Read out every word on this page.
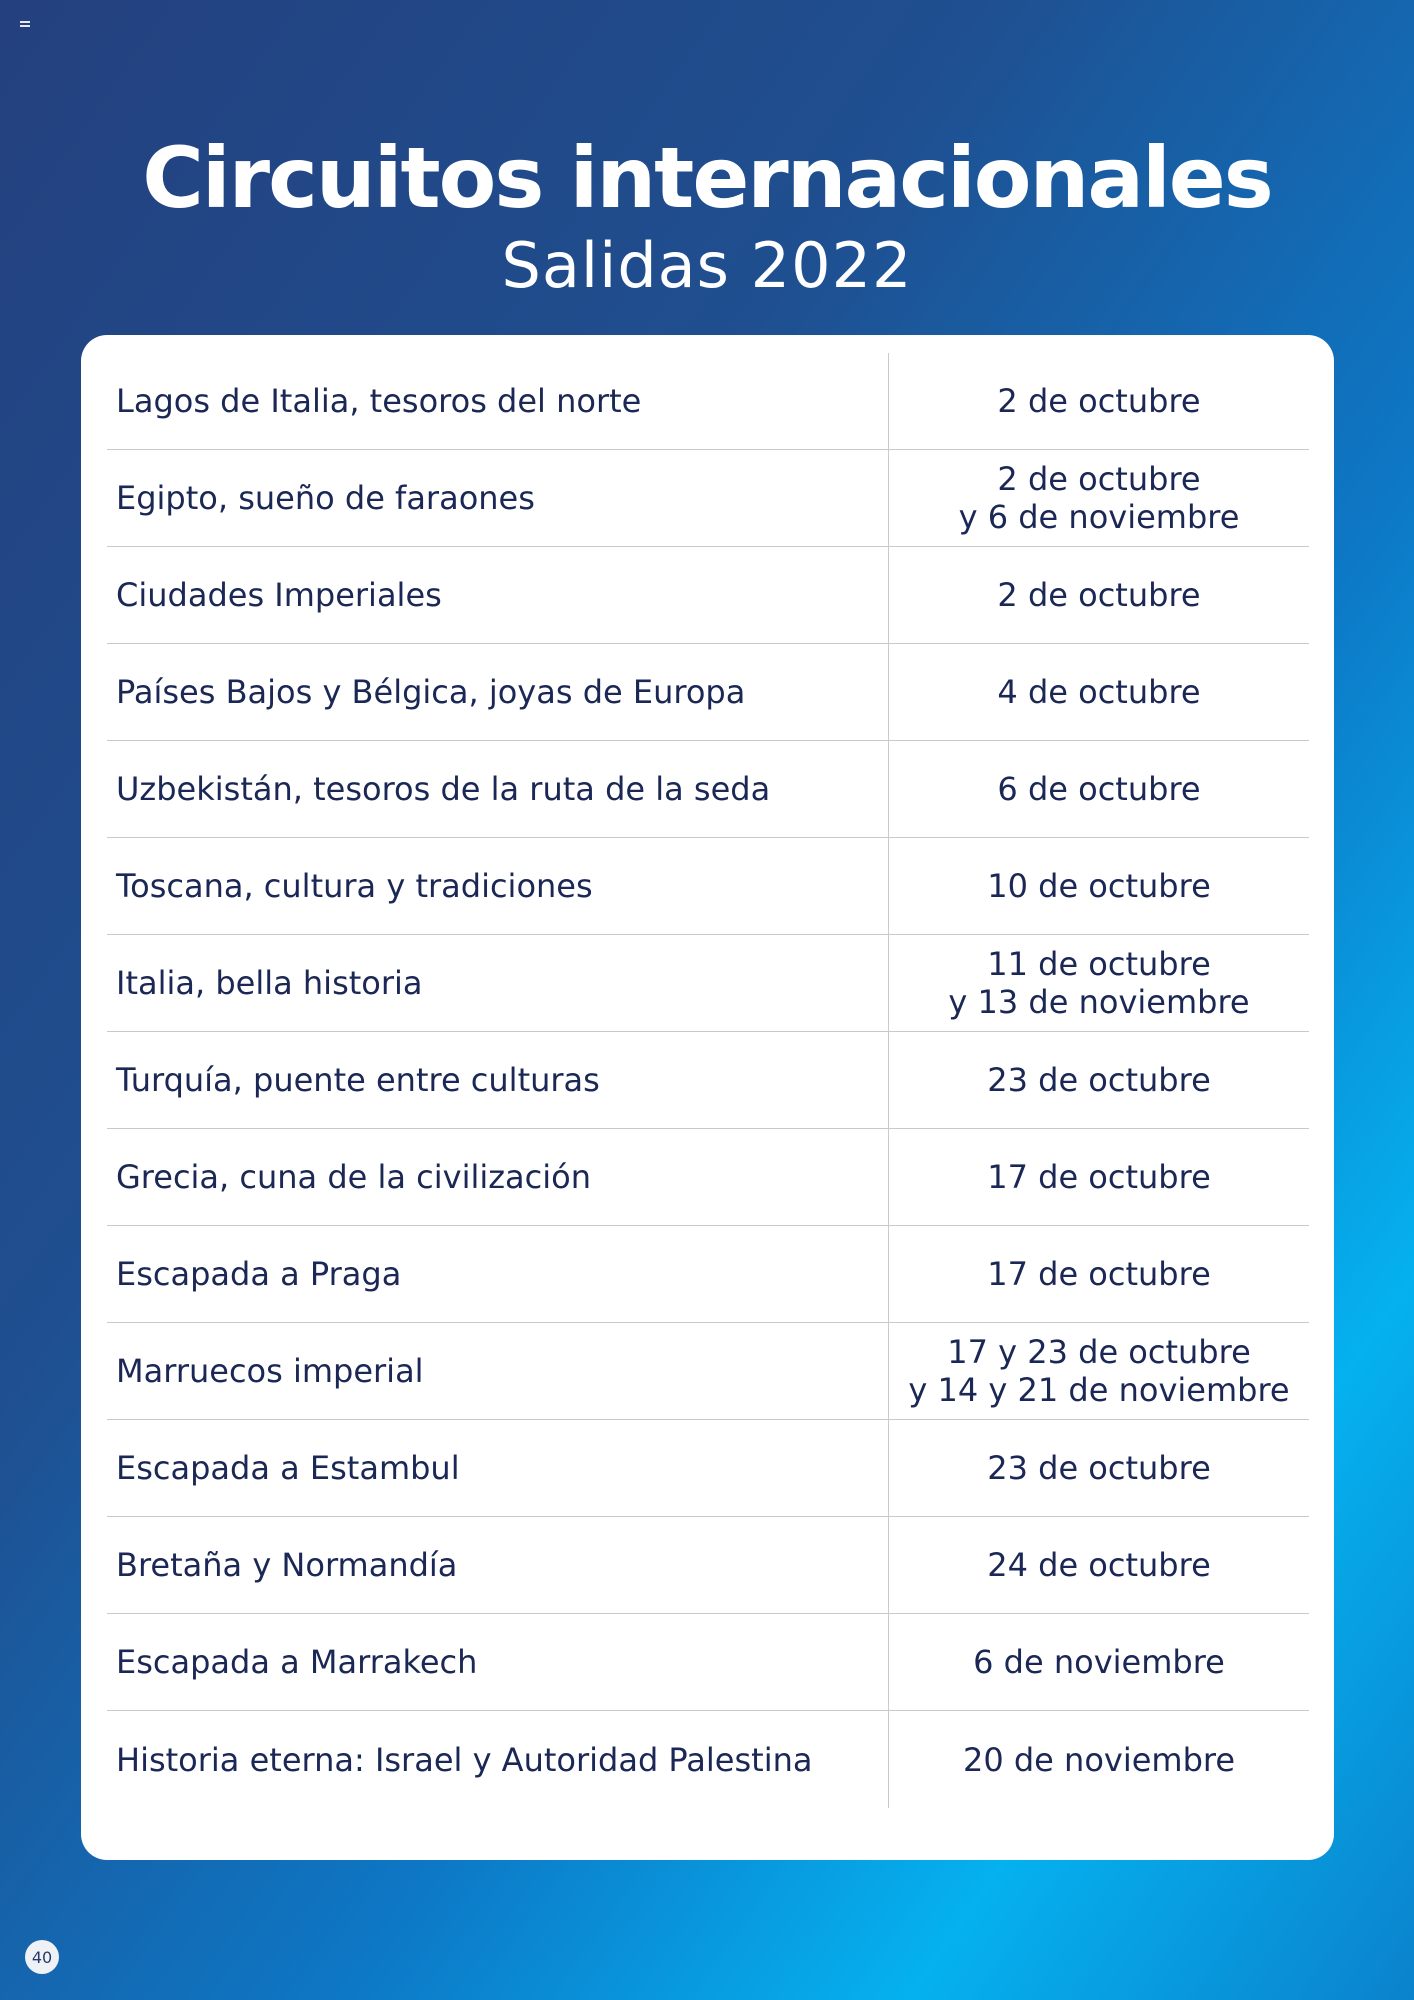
Circuitos internacionales
Salidas 2022
Lagos de Italia, tesoros del norte	2 de octubre
Egipto, sueño de faraones	2 de octubre
y 6 de noviembre
Ciudades Imperiales	2 de octubre
Países Bajos y Bélgica, joyas de Europa	4 de octubre
Uzbekistán, tesoros de la ruta de la seda	6 de octubre
Toscana, cultura y tradiciones	10 de octubre
Italia, bella historia	11 de octubre
y 13 de noviembre
Turquía, puente entre culturas	23 de octubre
Grecia, cuna de la civilización	17 de octubre
Escapada a Praga	17 de octubre
Marruecos imperial	17 y 23 de octubre
y 14 y 21 de noviembre
Escapada a Estambul	23 de octubre
Bretaña y Normandía	24 de octubre
Escapada a Marrakech	6 de noviembre
Historia eterna: Israel y Autoridad Palestina	20 de noviembre
40
